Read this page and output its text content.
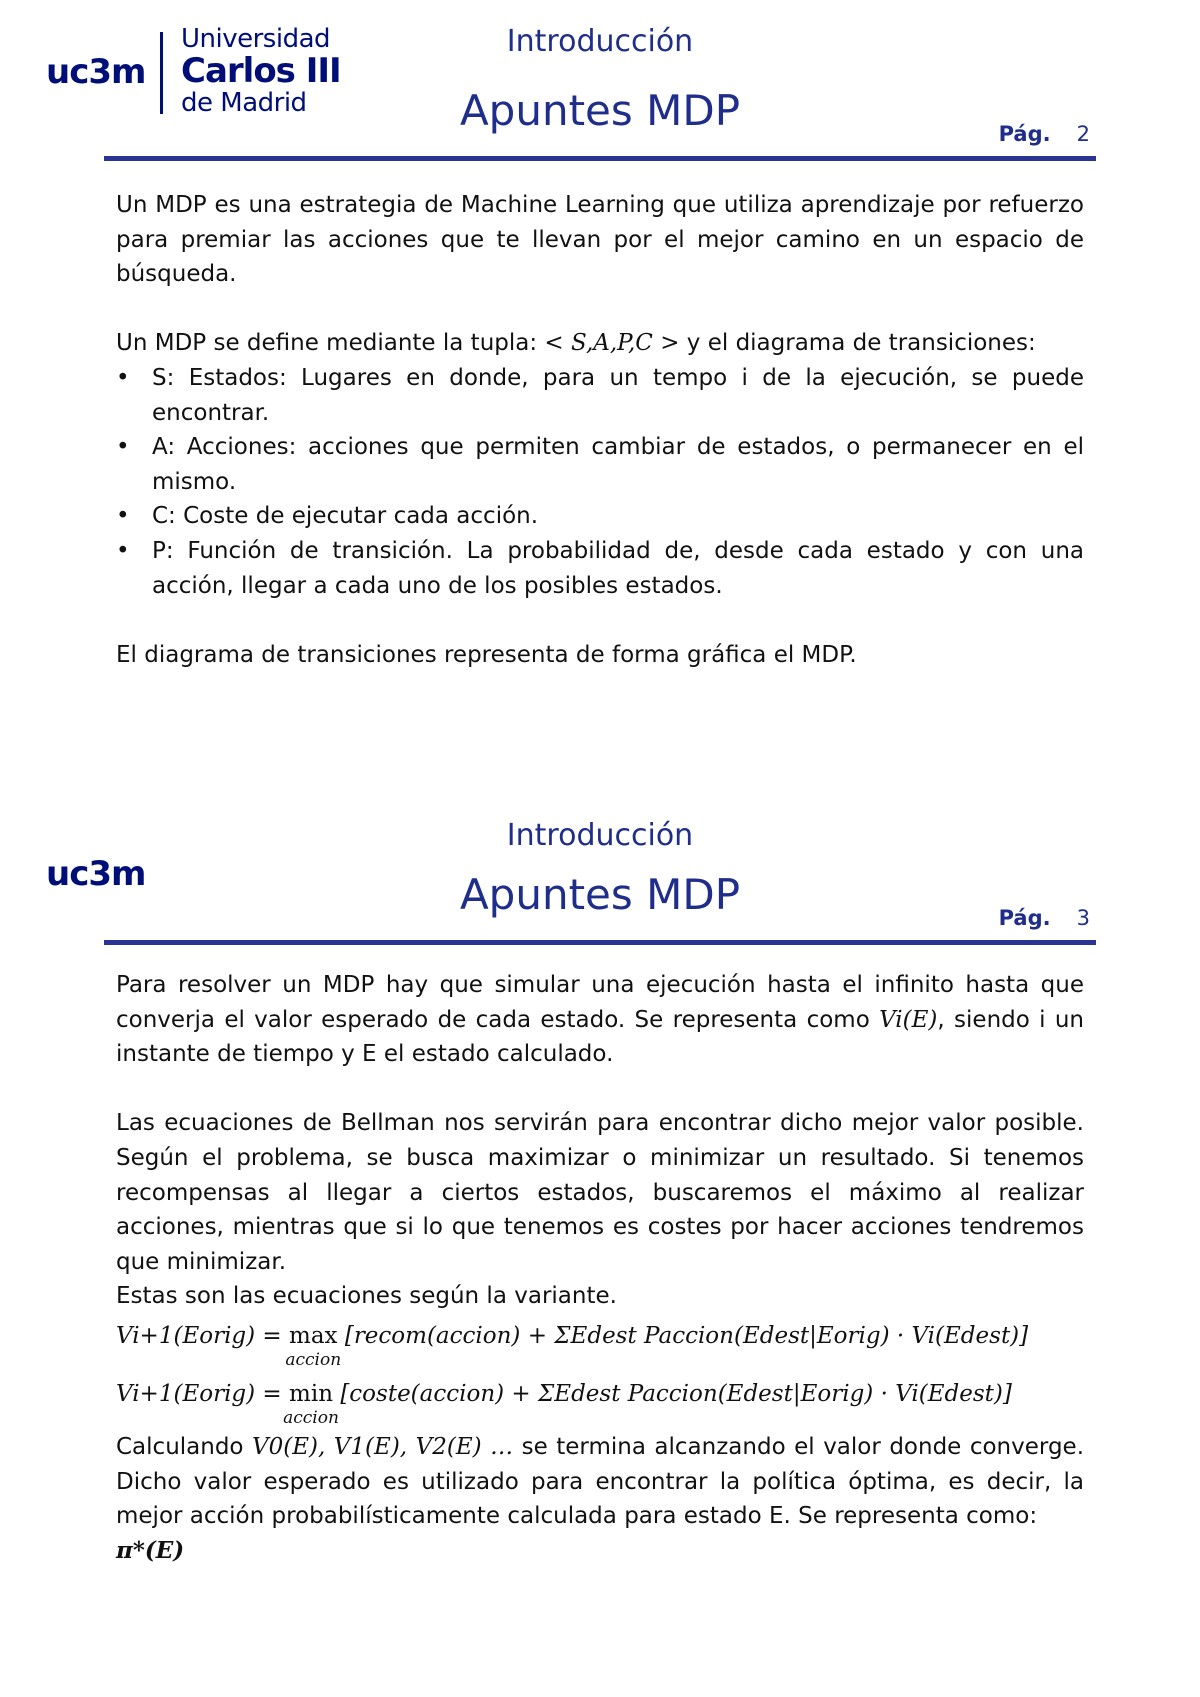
uc3m
Universidad
Carlos III
de Madrid
Introducción
Apuntes MDP	Pág. 2

Un MDP es una estrategia de Machine Learning que utiliza aprendizaje por refuerzo para premiar las acciones que te llevan por el mejor camino en un espacio de búsqueda.

Un MDP se define mediante la tupla: < S,A,P,C > y el diagrama de transiciones:

• S: Estados: Lugares en donde, para un tempo i de la ejecución, se puede encontrar.
• A: Acciones: acciones que permiten cambiar de estados, o permanecer en el mismo.
• C: Coste de ejecutar cada acción.
• P: Función de transición. La probabilidad de, desde cada estado y con una acción, llegar a cada uno de los posibles estados.

El diagrama de transiciones representa de forma gráfica el MDP.

uc3m
Introducción
Apuntes MDP	Pág. 3

Para resolver un MDP hay que simular una ejecución hasta el infinito hasta que converja el valor esperado de cada estado. Se representa como Vi(E), siendo i un instante de tiempo y E el estado calculado.

Las ecuaciones de Bellman nos servirán para encontrar dicho mejor valor posible. Según el problema, se busca maximizar o minimizar un resultado. Si tenemos recompensas al llegar a ciertos estados, buscaremos el máximo al realizar acciones, mientras que si lo que tenemos es costes por hacer acciones tendremos que minimizar.

Estas son las ecuaciones según la variante.

Vi+1(Eorig) = max
accion
[recom(accion) + ΣEdest Paccion(Edest|Eorig) · Vi(Edest)]
Vi+1(Eorig) = min
accion
[coste(accion) + ΣEdest Paccion(Edest|Eorig) · Vi(Edest)]

Calculando V0(E), V1(E), V2(E) … se termina alcanzando el valor donde converge. Dicho valor esperado es utilizado para encontrar la política óptima, es decir, la mejor acción probabilísticamente calculada para estado E. Se representa como:

π*(E)
